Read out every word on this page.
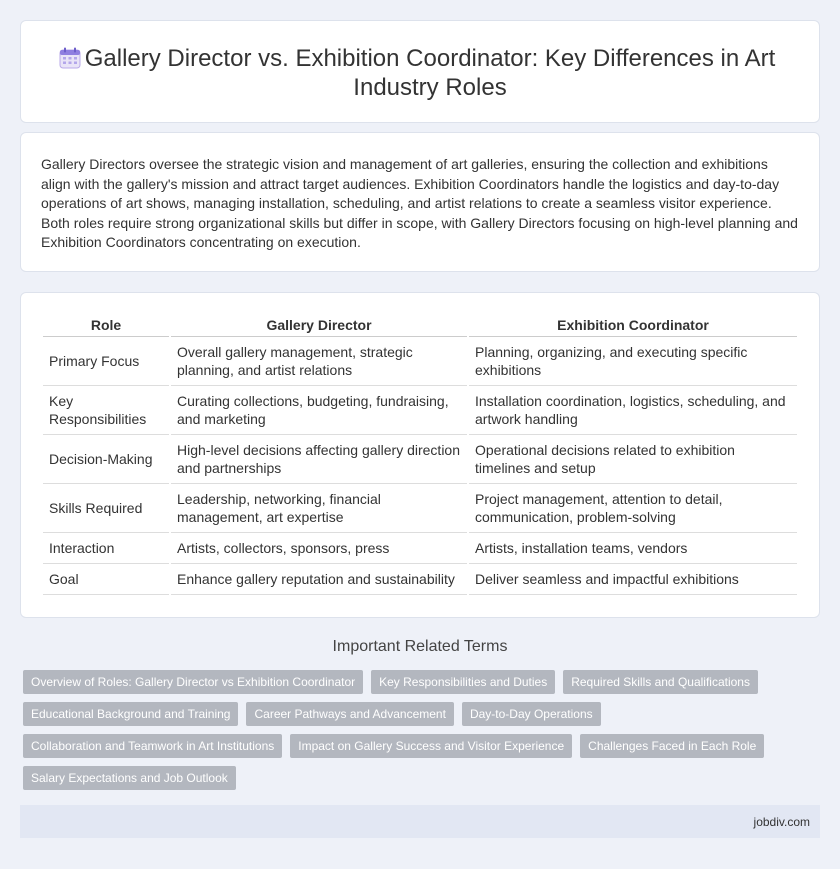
Gallery Director vs. Exhibition Coordinator: Key Differences in Art Industry Roles

Gallery Directors oversee the strategic vision and management of art galleries, ensuring the collection and exhibitions align with the gallery's mission and attract target audiences. Exhibition Coordinators handle the logistics and day-to-day operations of art shows, managing installation, scheduling, and artist relations to create a seamless visitor experience. Both roles require strong organizational skills but differ in scope, with Gallery Directors focusing on high-level planning and Exhibition Coordinators concentrating on execution.

Role	Gallery Director	Exhibition Coordinator
Primary Focus	Overall gallery management, strategic planning, and artist relations	Planning, organizing, and executing specific exhibitions
Key Responsibilities	Curating collections, budgeting, fundraising, and marketing	Installation coordination, logistics, scheduling, and artwork handling
Decision-Making	High-level decisions affecting gallery direction and partnerships	Operational decisions related to exhibition timelines and setup
Skills Required	Leadership, networking, financial management, art expertise	Project management, attention to detail, communication, problem-solving
Interaction	Artists, collectors, sponsors, press	Artists, installation teams, vendors
Goal	Enhance gallery reputation and sustainability	Deliver seamless and impactful exhibitions
Important Related Terms
Overview of Roles: Gallery Director vs Exhibition Coordinator	Key Responsibilities and Duties	Required Skills and Qualifications
Educational Background and Training	Career Pathways and Advancement	Day-to-Day Operations
Collaboration and Teamwork in Art Institutions	Impact on Gallery Success and Visitor Experience	Challenges Faced in Each Role
Salary Expectations and Job Outlook
jobdiv.com
